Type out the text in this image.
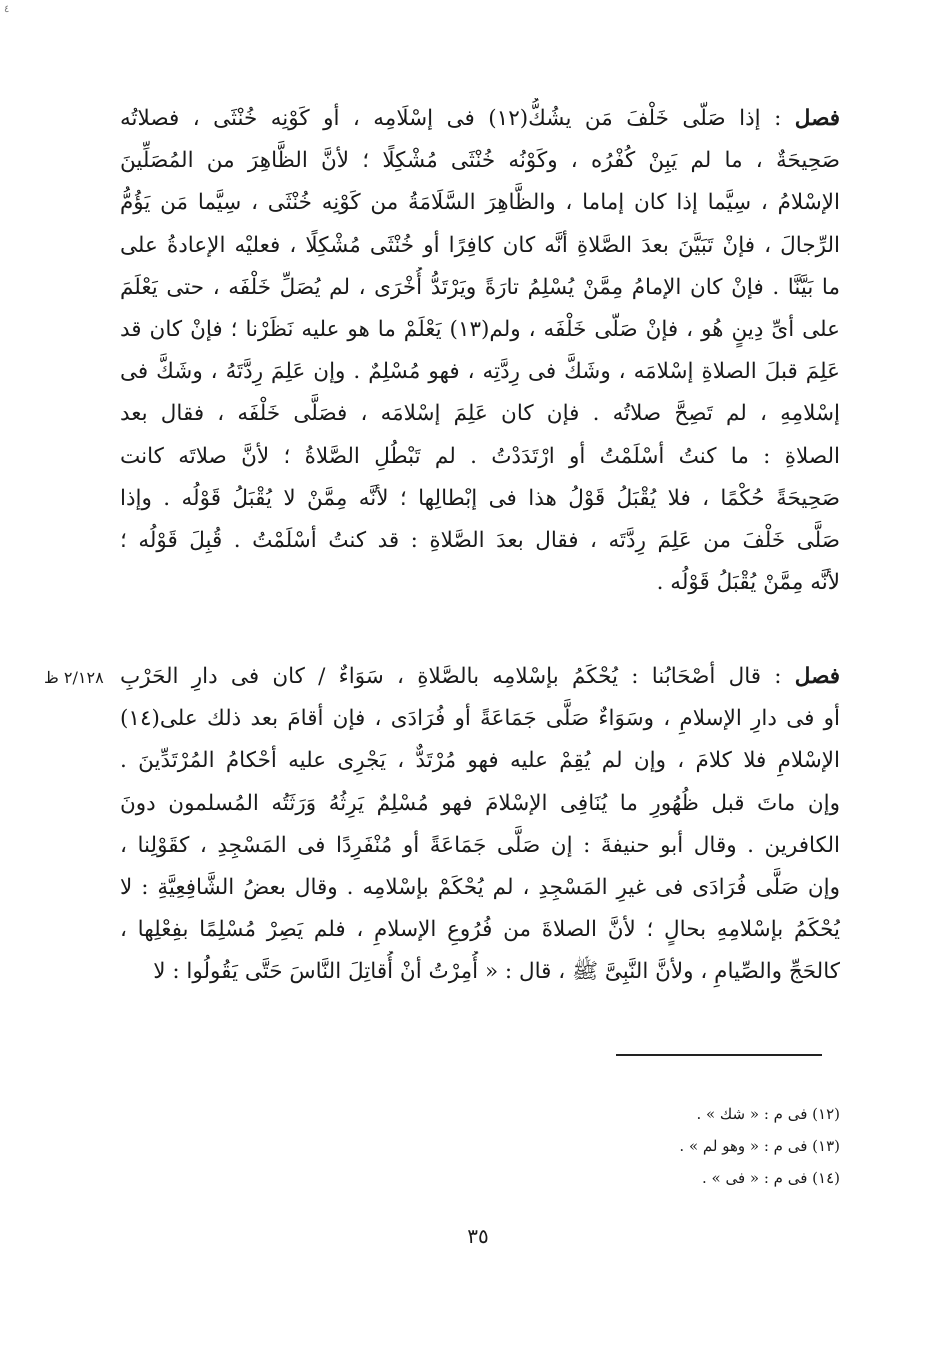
٤
فصل : إذا صَلّى خَلْفَ مَن يشُكُّ(١٢) فى إسْلَامِه ، أو كَوْنِه خُنْثَى ، فصلاتُه
صَحِيحَةٌ ، ما لم يَبِنْ كُفْرُه ، وكَوْنُه خُنْثَى مُشْكِلًا ؛ لأنَّ الظَّاهِرَ من المُصَلِّينَ
الإسْلامُ ، سِيَّما إذا كان إماما ، والظَّاهِرَ السَّلَامَةُ من كَوْنِه خُنْثَى ، سِيَّما مَن يَؤُمُّ
الرِّجالَ ، فإنْ تَبَيَّنَ بعدَ الصَّلاةِ أنَّه كان كافِرًا أو خُنْثَى مُشْكِلًا ، فعليْه الإعادةُ على
ما بَيَّنَّا . فإنْ كان الإمامُ مِمَّنْ يُسْلِمُ تارَةً ويَرْتَدُّ أُخْرَى ، لم يُصَلِّ خَلْفَه ، حتى يَعْلَمَ
على أىِّ دِينٍ هُو ، فإنْ صَلّى خَلْفَه ، ولم(١٣) يَعْلَمْ ما هو عليه نَظَرْنا ؛ فإنْ كان قد
عَلِمَ قبلَ الصلاةِ إسْلامَه ، وشَكَّ فى رِدَّتِه ، فهو مُسْلِمٌ . وإن عَلِمَ رِدَّتَهُ ، وشَكَّ فى
إسْلامِهِ ، لم تَصِحَّ صلاتُه . فإن كان عَلِمَ إسْلامَه ، فصَلَّى خَلْفَه ، فقال بعد
الصلاةِ : ما كنتُ أسْلَمْتُ أو ارْتَدَدْتُ . لم تَبْطُلِ الصَّلاةُ ؛ لأنَّ صلاتَه كانت
صَحِيحَةً حُكْمًا ، فلا يُقْبَلُ قَوْلُ هذا فى إبْطالِها ؛ لأنَّه مِمَّنْ لا يُقْبَلُ قَوْلُه . وإذا
صَلَّى خَلْفَ من عَلِمَ رِدَّتَه ، فقال بعدَ الصَّلاةِ : قد كنتُ أسْلَمْتُ . قُبِلَ قَوْلُه ؛
لأنَّه مِمَّنْ يُقْبَلُ قَوْلُه .
٢/١٢٨ ظ	فصل : قال أصْحَابُنا : يُحْكَمُ بإسْلامِه بالصَّلاةِ ، سَوَاءٌ / كان فى دارِ الحَرْبِ
أو فى دارِ الإسلامِ ، وسَوَاءٌ صَلَّى جَمَاعَةً أو فُرَادَى ، فإن أقامَ بعد ذلك على(١٤)
الإسْلامِ فلا كلامَ ، وإن لم يُقِمْ عليه فهو مُرْتَدٌّ ، يَجْرِى عليه أحْكامُ المُرْتَدِّينَ .
وإن ماتَ قبل ظُهُورِ ما يُنَافِى الإسْلامَ فهو مُسْلِمٌ يَرِثُهُ وَرَثَتُه المُسلمون دونَ
الكافرين . وقال أبو حنيفةَ : إن صَلَّى جَمَاعَةً أو مُنْفَرِدًا فى المَسْجِدِ ، كقَوْلِنا ،
وإن صَلَّى فُرَادَى فى غيرِ المَسْجِدِ ، لم يُحْكَمْ بإسْلامِه . وقال بعضُ الشَّافِعِيَّةِ : لا
يُحْكَمُ بإسْلامِهِ بحالٍ ؛ لأنَّ الصلاةَ من فُرُوعِ الإسلامِ ، فلم يَصِرْ مُسْلِمًا بفِعْلِها ،
كالحَجِّ والصِّيامِ ، ولأنَّ النَّبِىَّ ﷺ ، قال : « أُمِرْتُ أنْ أُقاتِلَ النَّاسَ حَتَّى يَقُولُوا : لا
(١٢) فى م : « شك » .
(١٣) فى م : « وهو لم » .
(١٤) فى م : « فى » .
٣٥
